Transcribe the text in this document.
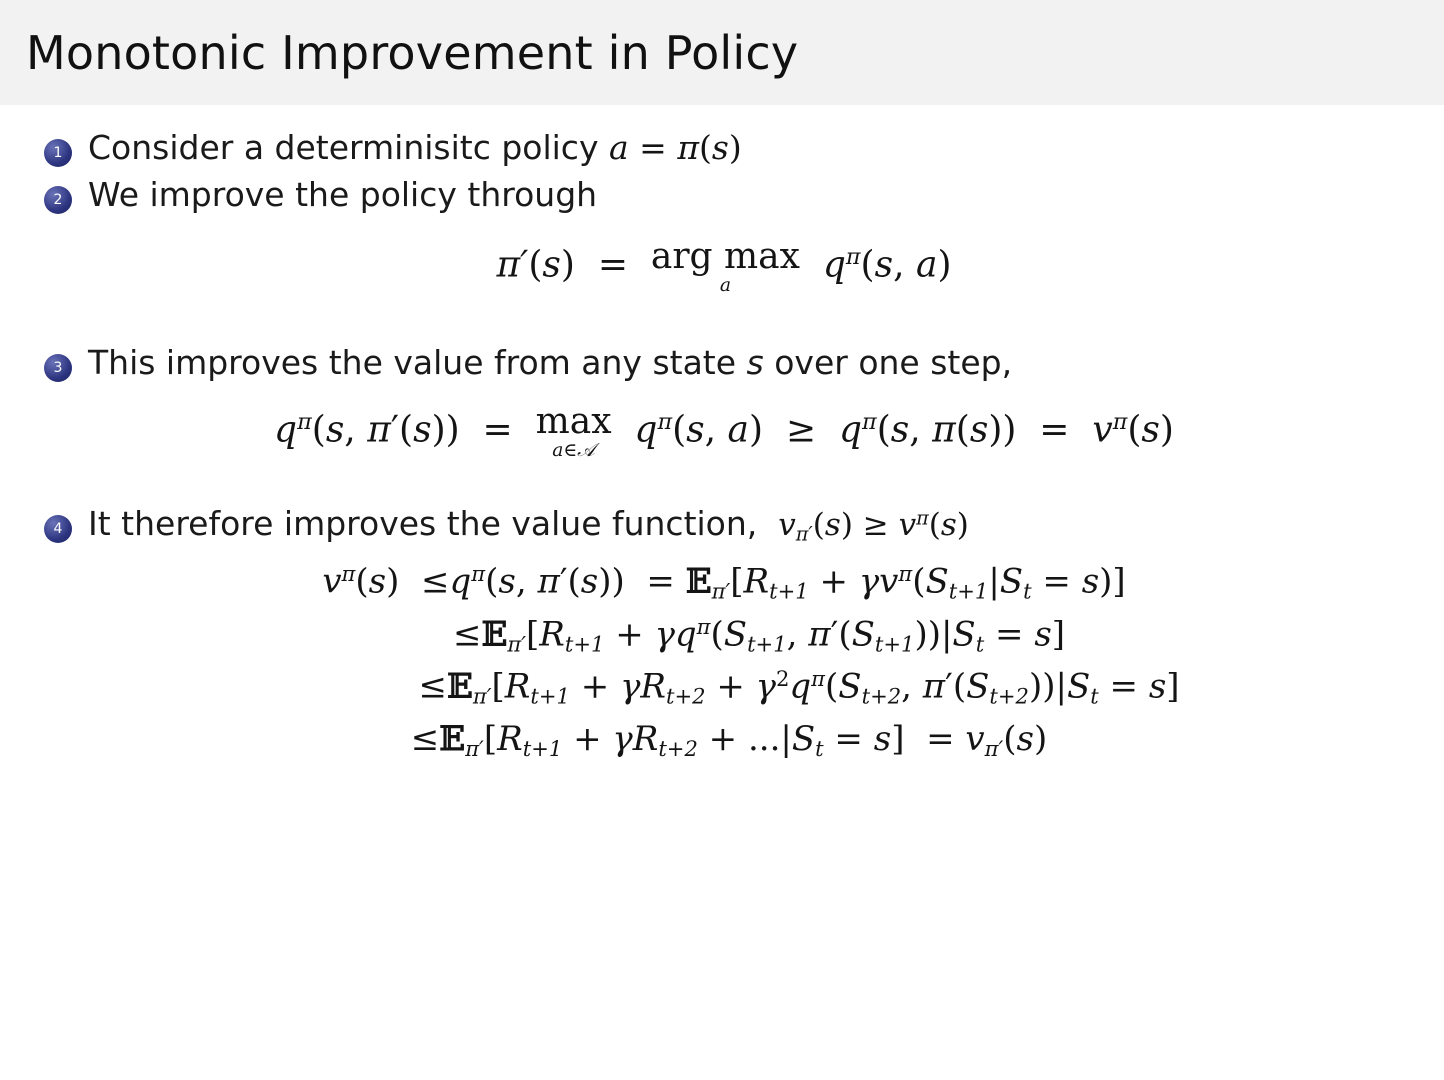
Monotonic Improvement in Policy
1 Consider a determinisitc policy a = π(s)
2 We improve the policy through
π′(s)  = arg max
a
$q^\pi(s$, a)
3 This improves the value from any state s over one step,
$q^\pi(s$, π′(s))  = max
a∈𝒜
$q^\pi(s$, $a) \ge q^\pi(s$, $\pi(s)) = v^\pi(s)$
4 It therefore improves the value function,  $v_{\pi'}(s) \ge v^\pi(s)$
$v^\pi(s) \le q^\pi(s$, $\pi'(s)) = 𝔼_{\pi'}[R_{t+1} + \gamma v^\pi(S_{t+1}|S_t = s)]$
$\le 𝔼_{\pi'}[R_{t+1} + \gamma q^\pi(S_{t+1}$, $\pi'(S_{t+1}))|S_t = s$]
$\le 𝔼_{\pi'}[R_{t+1} + \gamma R_{t+2} + \gamma^2q^\pi(S_{t+2}$, $\pi'(S_{t+2}))|S_t = s$]
$\le 𝔼_{\pi'}[R_{t+1} + \gamma R_{t+2} + ...|S_t = s] = v_{\pi'}(s)$
